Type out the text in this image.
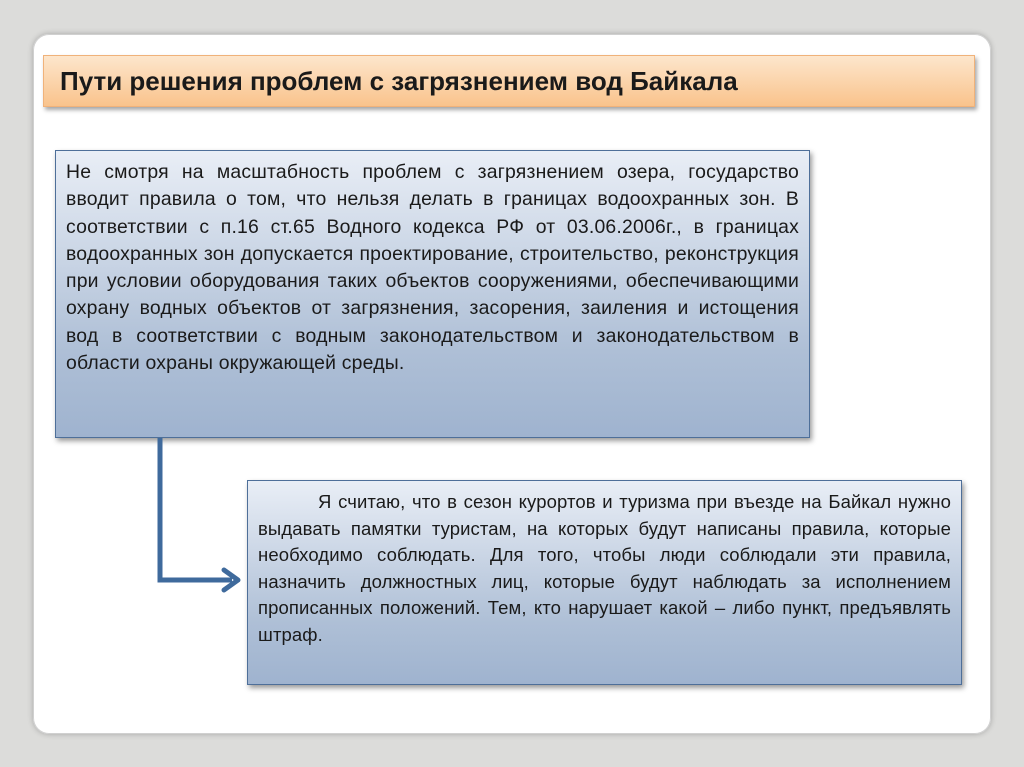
Пути решения проблем с загрязнением вод Байкала

Не смотря на масштабность проблем с загрязнением озера, государство вводит правила о том, что нельзя делать в границах водоохранных зон. В соответствии с п.16 ст.65 Водного кодекса РФ от 03.06.2006г., в границах водоохранных зон допускается проектирование, строительство, реконструкция при условии оборудования таких объектов сооружениями, обеспечивающими охрану водных объектов от загрязнения, засорения, заиления и истощения вод в соответствии с водным законодательством и законодательством в области охраны окружающей среды.

Я считаю, что в сезон курортов и туризма при въезде на Байкал нужно выдавать памятки туристам, на которых будут написаны правила, которые необходимо соблюдать. Для того, чтобы люди соблюдали эти правила, назначить должностных лиц, которые будут наблюдать за исполнением прописанных положений. Тем, кто нарушает какой – либо пункт, предъявлять штраф.
